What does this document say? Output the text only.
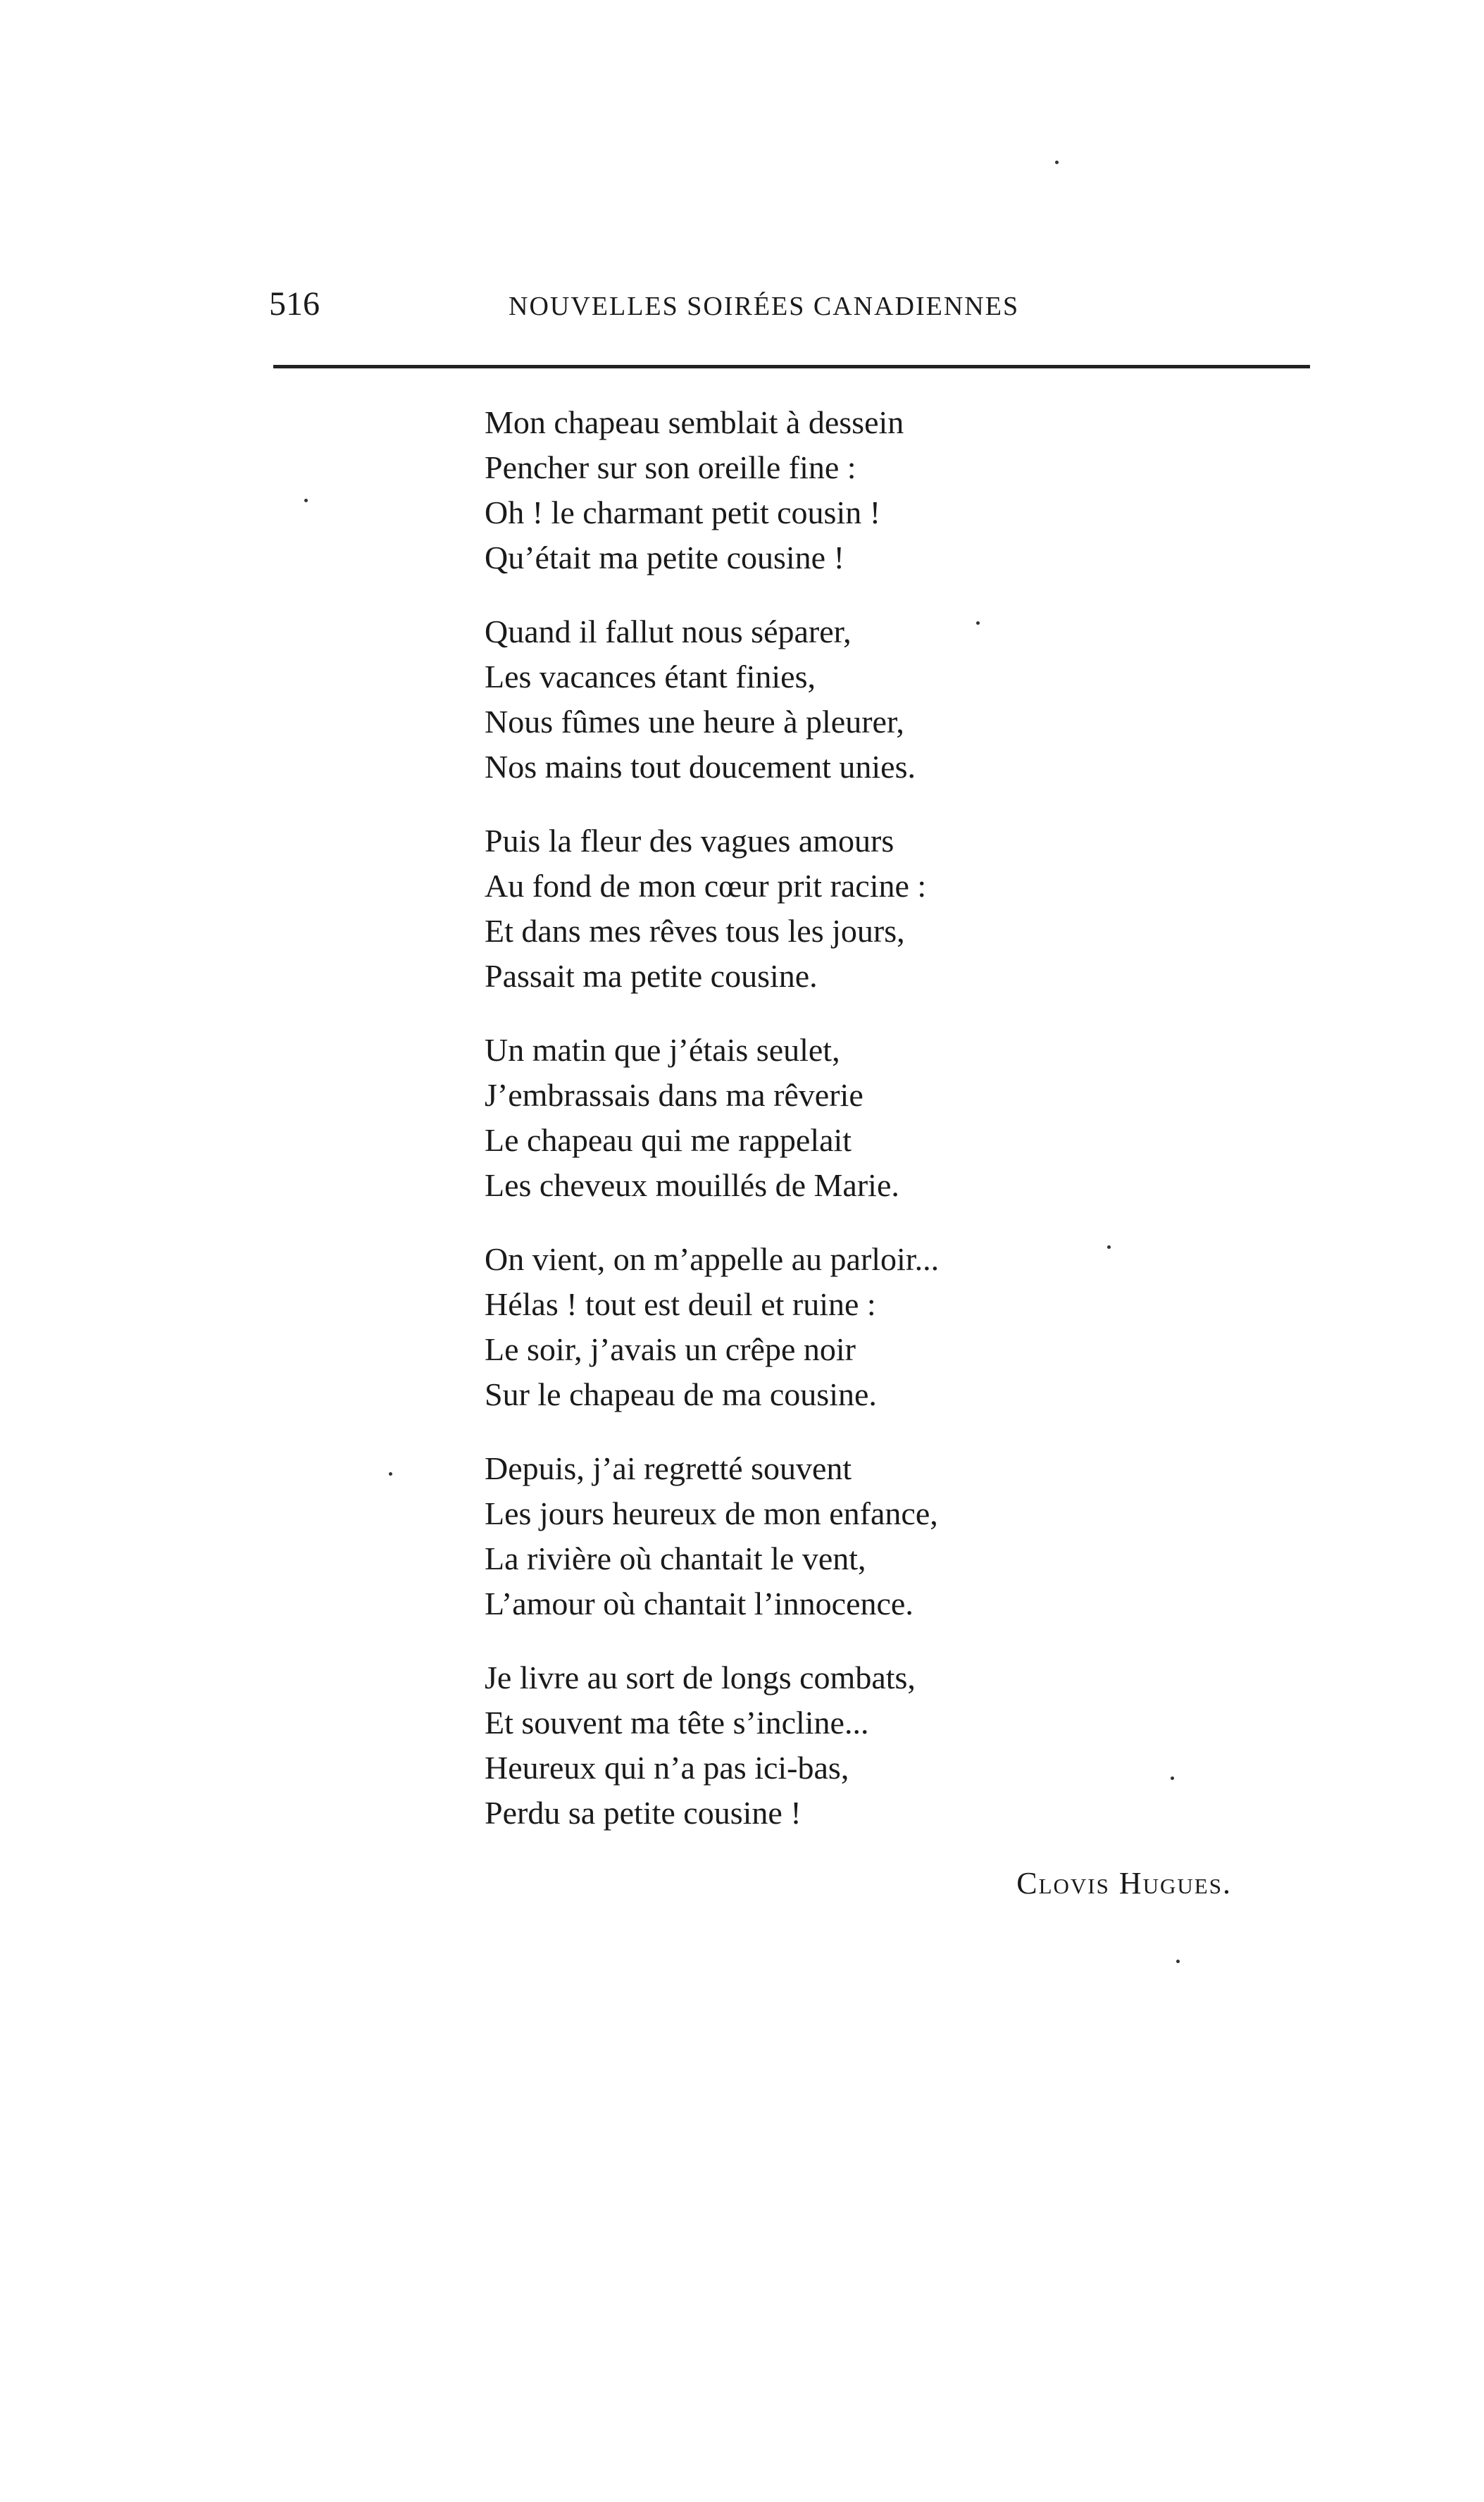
516	NOUVELLES SOIRÉES CANADIENNES
Mon chapeau semblait à dessein
Pencher sur son oreille fine :
Oh ! le charmant petit cousin !
Qu’était ma petite cousine !
Quand il fallut nous séparer,
Les vacances étant finies,
Nous fûmes une heure à pleurer,
Nos mains tout doucement unies.
Puis la fleur des vagues amours
Au fond de mon cœur prit racine :
Et dans mes rêves tous les jours,
Passait ma petite cousine.
Un matin que j’étais seulet,
J’embrassais dans ma rêverie
Le chapeau qui me rappelait
Les cheveux mouillés de Marie.
On vient, on m’appelle au parloir...
Hélas ! tout est deuil et ruine :
Le soir, j’avais un crêpe noir
Sur le chapeau de ma cousine.
Depuis, j’ai regretté souvent
Les jours heureux de mon enfance,
La rivière où chantait le vent,
L’amour où chantait l’innocence.
Je livre au sort de longs combats,
Et souvent ma tête s’incline...
Heureux qui n’a pas ici-bas,
Perdu sa petite cousine !
Clovis Hugues.
